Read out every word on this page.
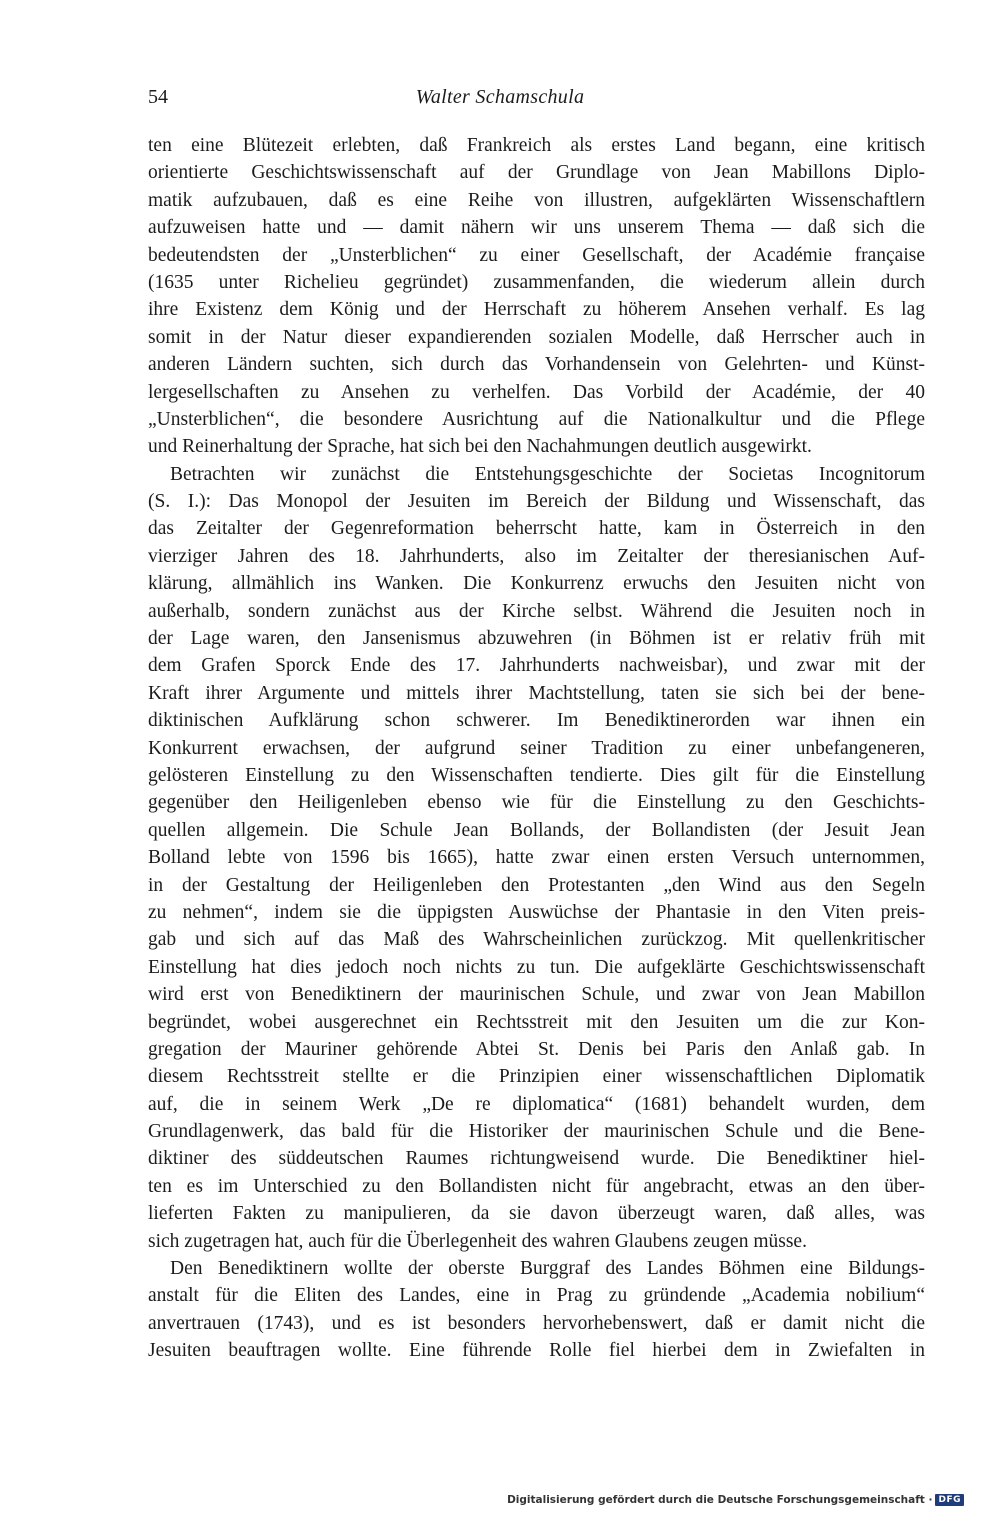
54	Walter Schamschula
ten eine Blütezeit erlebten, daß Frankreich als erstes Land begann, eine kritisch
orientierte Geschichtswissenschaft auf der Grundlage von Jean Mabillons Diplo-
matik aufzubauen, daß es eine Reihe von illustren, aufgeklärten Wissenschaftlern
aufzuweisen hatte und — damit nähern wir uns unserem Thema — daß sich die
bedeutendsten der „Unsterblichen“ zu einer Gesellschaft, der Académie française
(1635 unter Richelieu gegründet) zusammenfanden, die wiederum allein durch
ihre Existenz dem König und der Herrschaft zu höherem Ansehen verhalf. Es lag
somit in der Natur dieser expandierenden sozialen Modelle, daß Herrscher auch in
anderen Ländern suchten, sich durch das Vorhandensein von Gelehrten- und Künst-
lergesellschaften zu Ansehen zu verhelfen. Das Vorbild der Académie, der 40
„Unsterblichen“, die besondere Ausrichtung auf die Nationalkultur und die Pflege
und Reinerhaltung der Sprache, hat sich bei den Nachahmungen deutlich ausgewirkt.
Betrachten wir zunächst die Entstehungsgeschichte der Societas Incognitorum
(S. I.): Das Monopol der Jesuiten im Bereich der Bildung und Wissenschaft, das
das Zeitalter der Gegenreformation beherrscht hatte, kam in Österreich in den
vierziger Jahren des 18. Jahrhunderts, also im Zeitalter der theresianischen Auf-
klärung, allmählich ins Wanken. Die Konkurrenz erwuchs den Jesuiten nicht von
außerhalb, sondern zunächst aus der Kirche selbst. Während die Jesuiten noch in
der Lage waren, den Jansenismus abzuwehren (in Böhmen ist er relativ früh mit
dem Grafen Sporck Ende des 17. Jahrhunderts nachweisbar), und zwar mit der
Kraft ihrer Argumente und mittels ihrer Machtstellung, taten sie sich bei der bene-
diktinischen Aufklärung schon schwerer. Im Benediktinerorden war ihnen ein
Konkurrent erwachsen, der aufgrund seiner Tradition zu einer unbefangeneren,
gelösteren Einstellung zu den Wissenschaften tendierte. Dies gilt für die Einstellung
gegenüber den Heiligenleben ebenso wie für die Einstellung zu den Geschichts-
quellen allgemein. Die Schule Jean Bollands, der Bollandisten (der Jesuit Jean
Bolland lebte von 1596 bis 1665), hatte zwar einen ersten Versuch unternommen,
in der Gestaltung der Heiligenleben den Protestanten „den Wind aus den Segeln
zu nehmen“, indem sie die üppigsten Auswüchse der Phantasie in den Viten preis-
gab und sich auf das Maß des Wahrscheinlichen zurückzog. Mit quellenkritischer
Einstellung hat dies jedoch noch nichts zu tun. Die aufgeklärte Geschichtswissenschaft
wird erst von Benediktinern der maurinischen Schule, und zwar von Jean Mabillon
begründet, wobei ausgerechnet ein Rechtsstreit mit den Jesuiten um die zur Kon-
gregation der Mauriner gehörende Abtei St. Denis bei Paris den Anlaß gab. In
diesem Rechtsstreit stellte er die Prinzipien einer wissenschaftlichen Diplomatik
auf, die in seinem Werk „De re diplomatica“ (1681) behandelt wurden, dem
Grundlagenwerk, das bald für die Historiker der maurinischen Schule und die Bene-
diktiner des süddeutschen Raumes richtungweisend wurde. Die Benediktiner hiel-
ten es im Unterschied zu den Bollandisten nicht für angebracht, etwas an den über-
lieferten Fakten zu manipulieren, da sie davon überzeugt waren, daß alles, was
sich zugetragen hat, auch für die Überlegenheit des wahren Glaubens zeugen müsse.
Den Benediktinern wollte der oberste Burggraf des Landes Böhmen eine Bildungs-
anstalt für die Eliten des Landes, eine in Prag zu gründende „Academia nobilium“
anvertrauen (1743), und es ist besonders hervorhebenswert, daß er damit nicht die
Jesuiten beauftragen wollte. Eine führende Rolle fiel hierbei dem in Zwiefalten in
Digitalisierung gefördert durch die Deutsche Forschungsgemeinschaft · DFG
